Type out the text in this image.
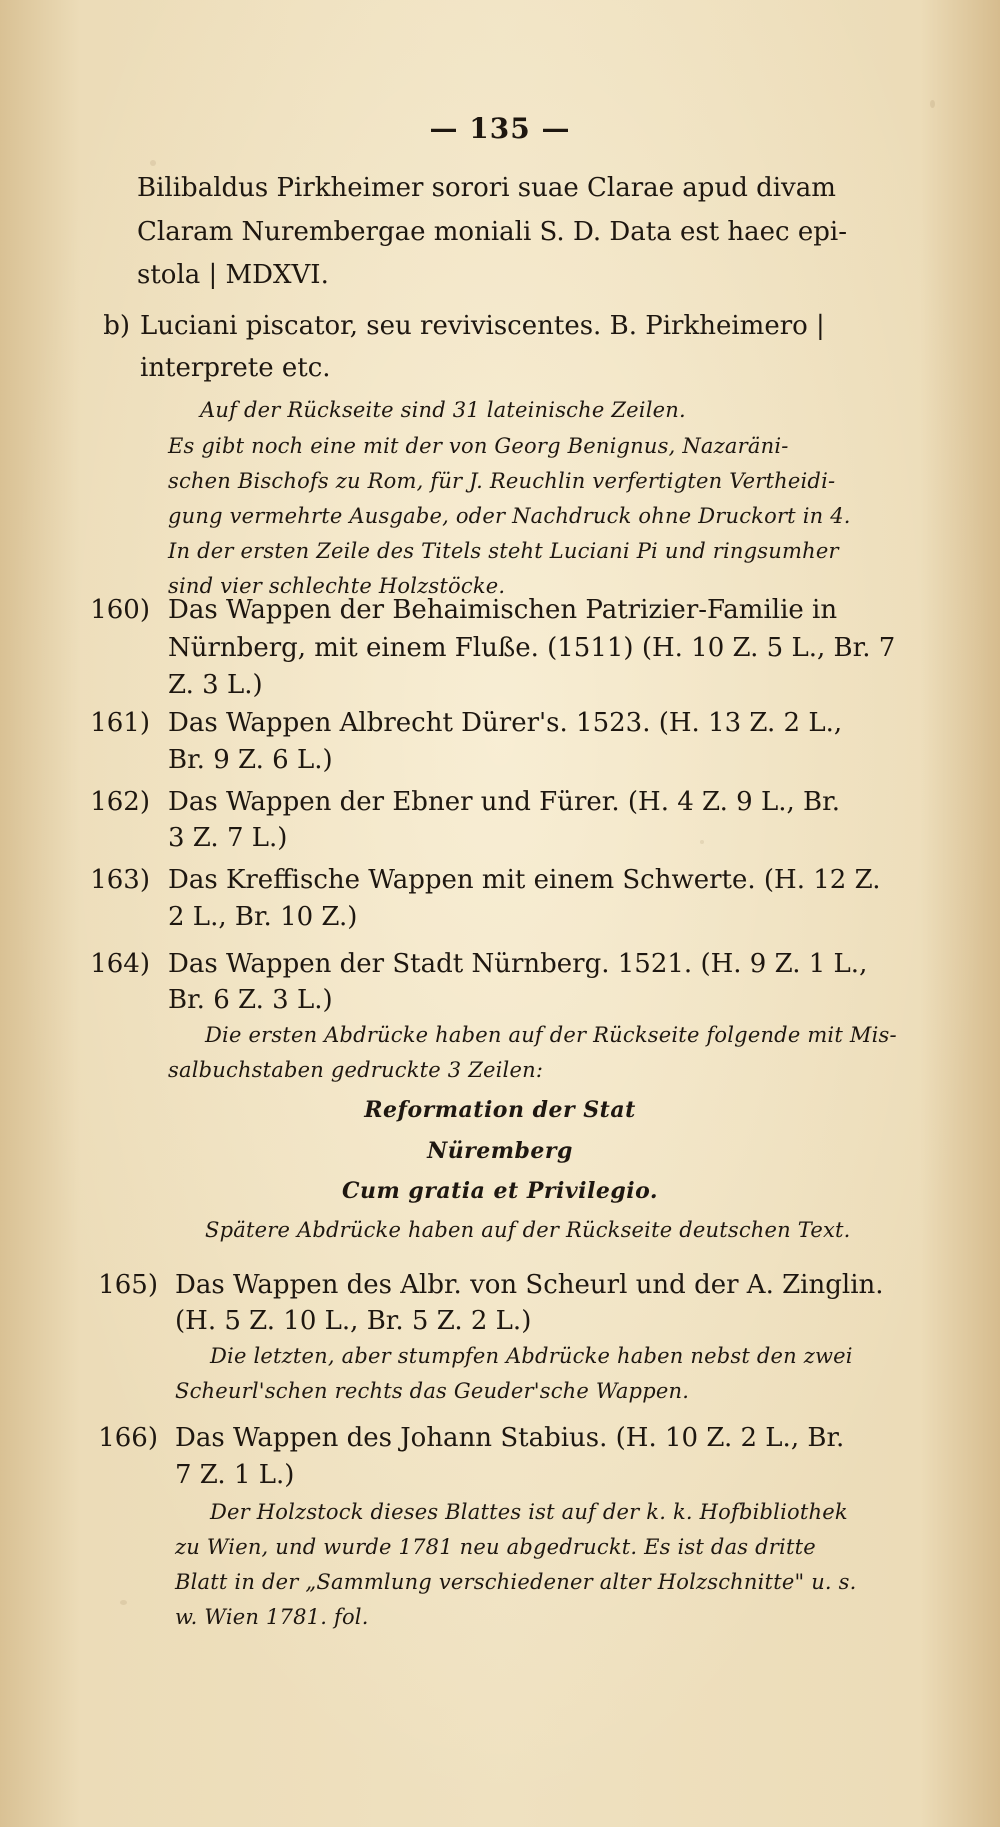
— 135 —
Bilibaldus Pirkheimer sorori suae Clarae apud divam
Claram Nurembergae moniali S. D. Data est haec epi-
stola | MDXVI.
b) Luciani piscator, seu reviviscentes. B. Pirkheimero |
interprete etc.
Auf der Rückseite sind 31 lateinische Zeilen.
Es gibt noch eine mit der von Georg Benignus, Nazaräni-
schen Bischofs zu Rom, für J. Reuchlin verfertigten Vertheidi-
gung vermehrte Ausgabe, oder Nachdruck ohne Druckort in 4.
In der ersten Zeile des Titels steht Luciani Pi und ringsumher
sind vier schlechte Holzstöcke.
160) Das Wappen der Behaimischen Patrizier-Familie in
Nürnberg, mit einem Fluße. (1511) (H. 10 Z. 5 L., Br. 7
Z. 3 L.)
161) Das Wappen Albrecht Dürer's. 1523. (H. 13 Z. 2 L.,
Br. 9 Z. 6 L.)
162) Das Wappen der Ebner und Fürer. (H. 4 Z. 9 L., Br.
3 Z. 7 L.)
163) Das Kreffische Wappen mit einem Schwerte. (H. 12 Z.
2 L., Br. 10 Z.)
164) Das Wappen der Stadt Nürnberg. 1521. (H. 9 Z. 1 L.,
Br. 6 Z. 3 L.)
Die ersten Abdrücke haben auf der Rückseite folgende mit Mis-
salbuchstaben gedruckte 3 Zeilen:
Reformation der Stat
Nüremberg
Cum gratia et Privilegio.
Spätere Abdrücke haben auf der Rückseite deutschen Text.
165) Das Wappen des Albr. von Scheurl und der A. Zinglin.
(H. 5 Z. 10 L., Br. 5 Z. 2 L.)
Die letzten, aber stumpfen Abdrücke haben nebst den zwei
Scheurl'schen rechts das Geuder'sche Wappen.
166) Das Wappen des Johann Stabius. (H. 10 Z. 2 L., Br.
7 Z. 1 L.)
Der Holzstock dieses Blattes ist auf der k. k. Hofbibliothek
zu Wien, und wurde 1781 neu abgedruckt. Es ist das dritte
Blatt in der „Sammlung verschiedener alter Holzschnitte" u. s.
w. Wien 1781. fol.
